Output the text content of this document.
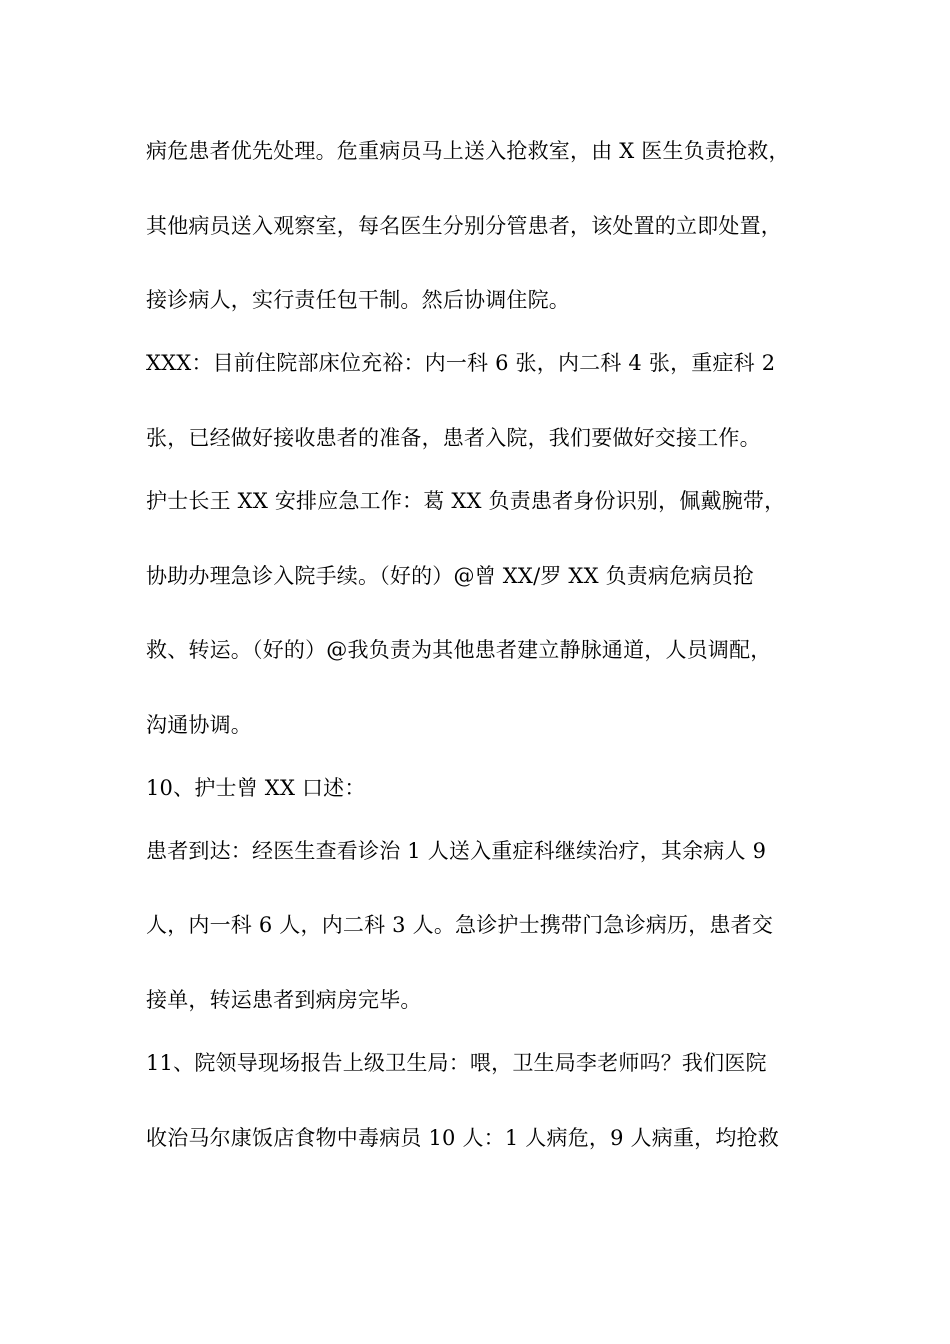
病危患者优先处理。危重病员马上送入抢救室，由 X 医生负责抢救，
其他病员送入观察室，每名医生分别分管患者，该处置的立即处置，
接诊病人，实行责任包干制。然后协调住院。
XXX：目前住院部床位充裕：内一科 6 张，内二科 4 张，重症科 2
张，已经做好接收患者的准备，患者入院，我们要做好交接工作。
护士长王 XX 安排应急工作：葛 XX 负责患者身份识别，佩戴腕带，
协助办理急诊入院手续。（好的）@曾 XX/罗 XX 负责病危病员抢
救、转运。（好的）@我负责为其他患者建立静脉通道，人员调配，
沟通协调。
10、护士曾 XX 口述：
患者到达：经医生查看诊治 1 人送入重症科继续治疗，其余病人 9
人，内一科 6 人，内二科 3 人。急诊护士携带门急诊病历，患者交
接单，转运患者到病房完毕。
11、院领导现场报告上级卫生局：喂，卫生局李老师吗？我们医院
收治马尔康饭店食物中毒病员 10 人：1 人病危，9 人病重，均抢救
